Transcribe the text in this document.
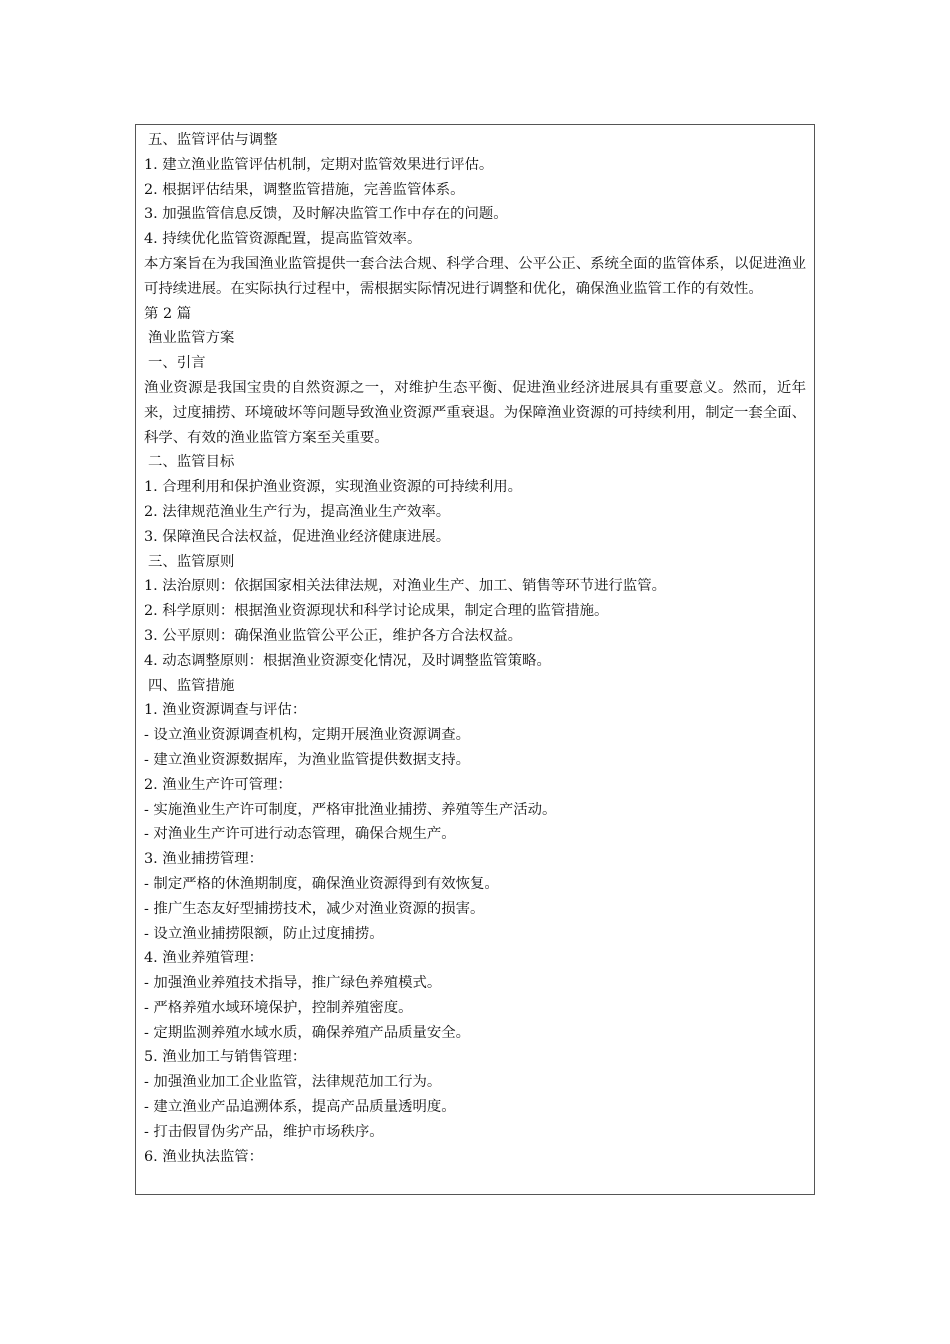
五、监管评估与调整
1. 建立渔业监管评估机制，定期对监管效果进行评估。
2. 根据评估结果，调整监管措施，完善监管体系。
3. 加强监管信息反馈，及时解决监管工作中存在的问题。
4. 持续优化监管资源配置，提高监管效率。
本方案旨在为我国渔业监管提供一套合法合规、科学合理、公平公正、系统全面的监管体系，以促进渔业可持续进展。在实际执行过程中，需根据实际情况进行调整和优化，确保渔业监管工作的有效性。
第 2 篇
渔业监管方案
一、引言
渔业资源是我国宝贵的自然资源之一，对维护生态平衡、促进渔业经济进展具有重要意义。然而，近年来，过度捕捞、环境破坏等问题导致渔业资源严重衰退。为保障渔业资源的可持续利用，制定一套全面、科学、有效的渔业监管方案至关重要。
二、监管目标
1. 合理利用和保护渔业资源，实现渔业资源的可持续利用。
2. 法律规范渔业生产行为，提高渔业生产效率。
3. 保障渔民合法权益，促进渔业经济健康进展。
三、监管原则
1. 法治原则：依据国家相关法律法规，对渔业生产、加工、销售等环节进行监管。
2. 科学原则：根据渔业资源现状和科学讨论成果，制定合理的监管措施。
3. 公平原则：确保渔业监管公平公正，维护各方合法权益。
4. 动态调整原则：根据渔业资源变化情况，及时调整监管策略。
四、监管措施
1. 渔业资源调查与评估：
- 设立渔业资源调查机构，定期开展渔业资源调查。
- 建立渔业资源数据库，为渔业监管提供数据支持。
2. 渔业生产许可管理：
- 实施渔业生产许可制度，严格审批渔业捕捞、养殖等生产活动。
- 对渔业生产许可进行动态管理，确保合规生产。
3. 渔业捕捞管理：
- 制定严格的休渔期制度，确保渔业资源得到有效恢复。
- 推广生态友好型捕捞技术，减少对渔业资源的损害。
- 设立渔业捕捞限额，防止过度捕捞。
4. 渔业养殖管理：
- 加强渔业养殖技术指导，推广绿色养殖模式。
- 严格养殖水域环境保护，控制养殖密度。
- 定期监测养殖水域水质，确保养殖产品质量安全。
5. 渔业加工与销售管理：
- 加强渔业加工企业监管，法律规范加工行为。
- 建立渔业产品追溯体系，提高产品质量透明度。
- 打击假冒伪劣产品，维护市场秩序。
6. 渔业执法监管：
